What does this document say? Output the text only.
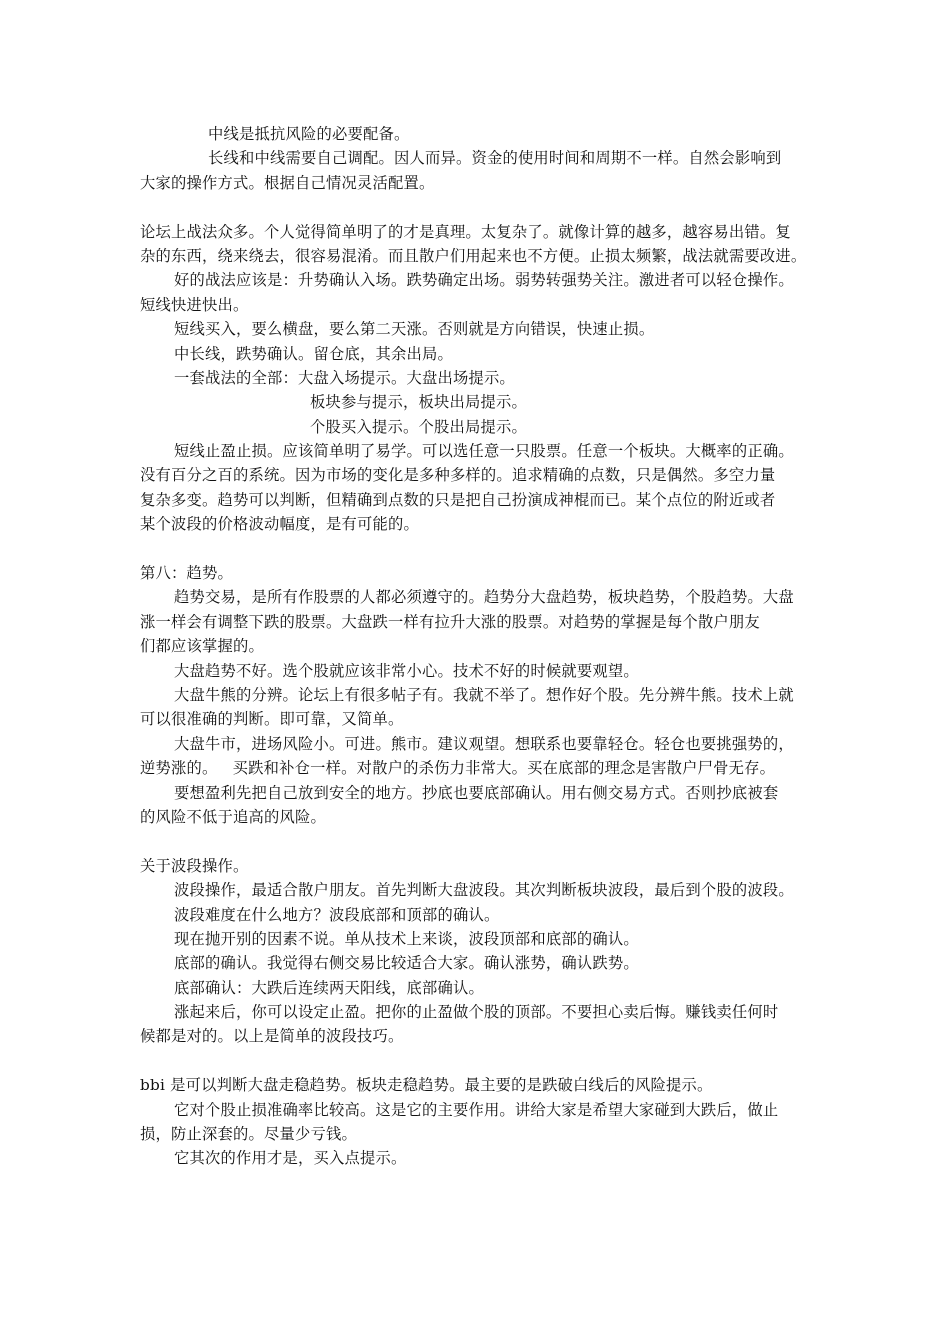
中线是抵抗风险的必要配备。
长线和中线需要自己调配。因人而异。资金的使用时间和周期不一样。自然会影响到
大家的操作方式。根据自己情况灵活配置。
论坛上战法众多。个人觉得简单明了的才是真理。太复杂了。就像计算的越多，越容易出错。复
杂的东西，绕来绕去，很容易混淆。而且散户们用起来也不方便。止损太频繁，战法就需要改进。
好的战法应该是：升势确认入场。跌势确定出场。弱势转强势关注。激进者可以轻仓操作。
短线快进快出。
短线买入，要么横盘，要么第二天涨。否则就是方向错误，快速止损。
中长线，跌势确认。留仓底，其余出局。
一套战法的全部：大盘入场提示。大盘出场提示。
板块参与提示，板块出局提示。
个股买入提示。个股出局提示。
短线止盈止损。应该简单明了易学。可以选任意一只股票。任意一个板块。大概率的正确。
没有百分之百的系统。因为市场的变化是多种多样的。追求精确的点数，只是偶然。多空力量
复杂多变。趋势可以判断，但精确到点数的只是把自己扮演成神棍而已。某个点位的附近或者
某个波段的价格波动幅度，是有可能的。
第八：趋势。
趋势交易，是所有作股票的人都必须遵守的。趋势分大盘趋势，板块趋势，个股趋势。大盘
涨一样会有调整下跌的股票。大盘跌一样有拉升大涨的股票。对趋势的掌握是每个散户朋友
们都应该掌握的。
大盘趋势不好。选个股就应该非常小心。技术不好的时候就要观望。
大盘牛熊的分辨。论坛上有很多帖子有。我就不举了。想作好个股。先分辨牛熊。技术上就
可以很准确的判断。即可靠，又简单。
大盘牛市，进场风险小。可进。熊市。建议观望。想联系也要靠轻仓。轻仓也要挑强势的，
逆势涨的。   买跌和补仓一样。对散户的杀伤力非常大。买在底部的理念是害散户尸骨无存。
要想盈利先把自己放到安全的地方。抄底也要底部确认。用右侧交易方式。否则抄底被套
的风险不低于追高的风险。
关于波段操作。
波段操作，最适合散户朋友。首先判断大盘波段。其次判断板块波段，最后到个股的波段。
波段难度在什么地方？波段底部和顶部的确认。
现在抛开别的因素不说。单从技术上来谈，波段顶部和底部的确认。
底部的确认。我觉得右侧交易比较适合大家。确认涨势，确认跌势。
底部确认：大跌后连续两天阳线，底部确认。
涨起来后，你可以设定止盈。把你的止盈做个股的顶部。不要担心卖后悔。赚钱卖任何时
候都是对的。以上是简单的波段技巧。
bbi 是可以判断大盘走稳趋势。板块走稳趋势。最主要的是跌破白线后的风险提示。
它对个股止损准确率比较高。这是它的主要作用。讲给大家是希望大家碰到大跌后，做止
损，防止深套的。尽量少亏钱。
它其次的作用才是，买入点提示。
